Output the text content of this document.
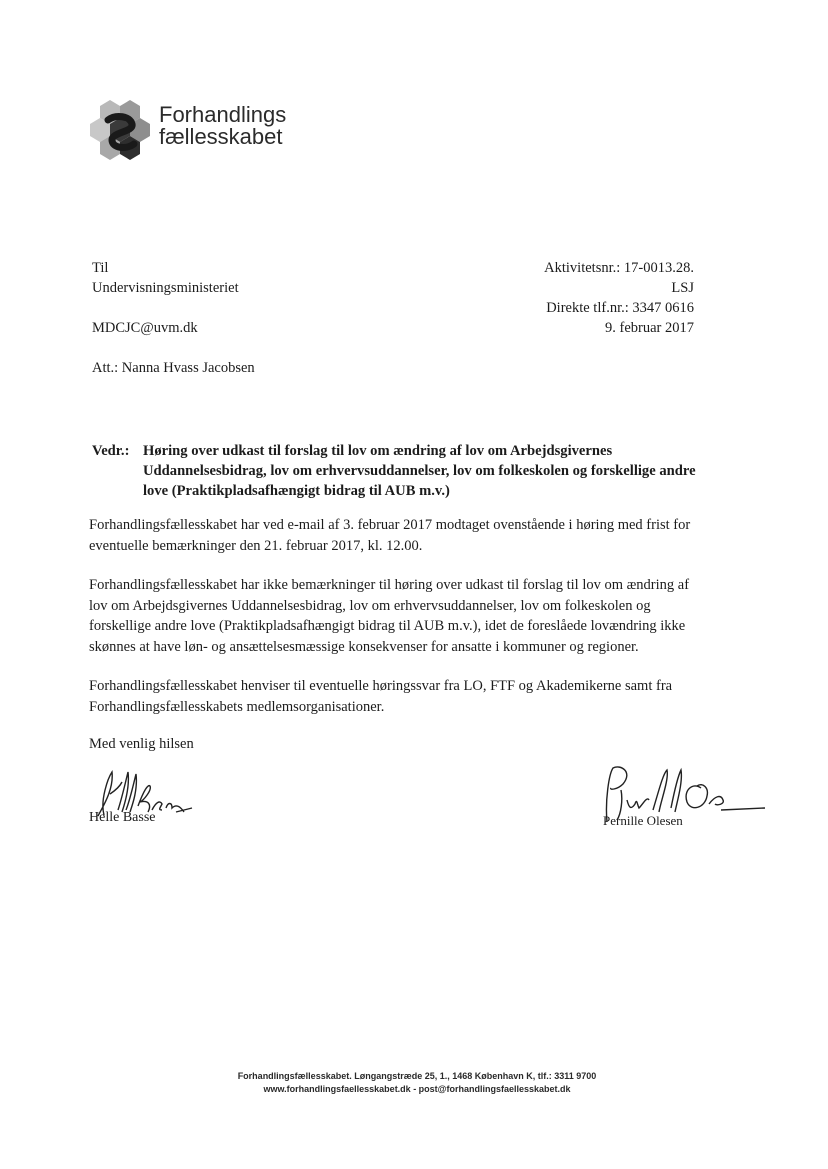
Forhandlings
fællesskabet
Til
Undervisningsministeriet
MDCJC@uvm.dk
Att.: Nanna Hvass Jacobsen
Aktivitetsnr.: 17-0013.28.
LSJ
Direkte tlf.nr.: 3347 0616
9. februar 2017
Vedr.: Høring over udkast til forslag til lov om ændring af lov om Arbejdsgivernes Uddannelsesbidrag, lov om erhvervsuddannelser, lov om folkeskolen og forskellige andre love (Praktikpladsafhængigt bidrag til AUB m.v.)

Forhandlingsfællesskabet har ved e-mail af 3. februar 2017 modtaget ovenstående i høring med frist for eventuelle bemærkninger den 21. februar 2017, kl. 12.00.

Forhandlingsfællesskabet har ikke bemærkninger til høring over udkast til forslag til lov om ændring af lov om Arbejdsgivernes Uddannelsesbidrag, lov om erhvervsuddannelser, lov om folkeskolen og forskellige andre love (Praktikpladsafhængigt bidrag til AUB m.v.), idet de foreslåede lovændring ikke skønnes at have løn- og ansættelsesmæssige konsekvenser for ansatte i kommuner og regioner.

Forhandlingsfællesskabet henviser til eventuelle høringssvar fra LO, FTF og Akademikerne samt fra Forhandlingsfællesskabets medlemsorganisationer.

Med venlig hilsen
Helle Basse	Pernille Olesen
Forhandlingsfællesskabet. Løngangstræde 25, 1., 1468 København K, tlf.: 3311 9700
www.forhandlingsfaellesskabet.dk - post@forhandlingsfaellesskabet.dk
